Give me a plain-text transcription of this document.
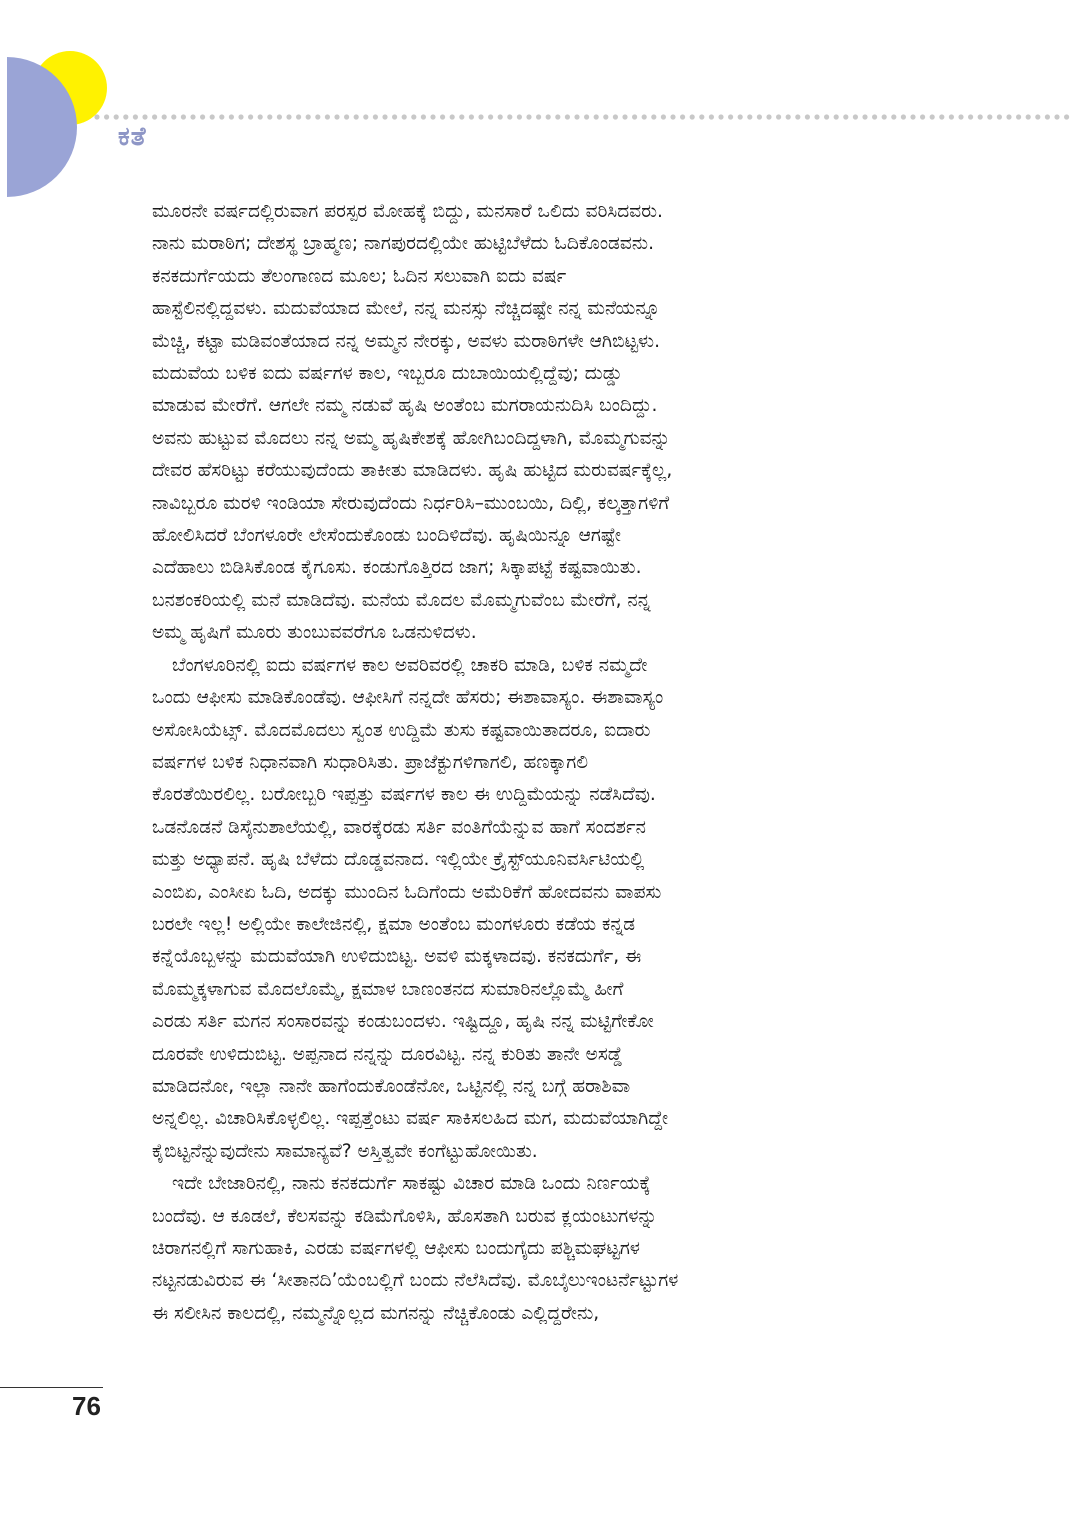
ಕತೆ

ಮೂರನೇ ವರ್ಷದಲ್ಲಿರುವಾಗ ಪರಸ್ಪರ ಮೋಹಕ್ಕೆ ಬಿದ್ದು, ಮನಸಾರೆ ಒಲಿದು ವರಿಸಿದವರು.
ನಾನು ಮರಾಠಿಗ; ದೇಶಸ್ಥ ಬ್ರಾಹ್ಮಣ; ನಾಗಪುರದಲ್ಲಿಯೇ ಹುಟ್ಟಿಬೆಳೆದು ಓದಿಕೊಂಡವನು.
ಕನಕದುರ್ಗೆಯದು ತೆಲಂಗಾಣದ ಮೂಲ; ಓದಿನ ಸಲುವಾಗಿ ಐದು ವರ್ಷ
ಹಾಸ್ಟೆಲಿನಲ್ಲಿದ್ದವಳು. ಮದುವೆಯಾದ ಮೇಲೆ, ನನ್ನ ಮನಸ್ಸು ನೆಚ್ಚಿದಷ್ಟೇ ನನ್ನ ಮನೆಯನ್ನೂ
ಮೆಚ್ಚಿ, ಕಟ್ಟಾ ಮಡಿವಂತೆಯಾದ ನನ್ನ ಅಮ್ಮನ ನೇರಕ್ಕು, ಅವಳು ಮರಾಠಿಗಳೇ ಆಗಿಬಿಟ್ಟಳು.
ಮದುವೆಯ ಬಳಿಕ ಐದು ವರ್ಷಗಳ ಕಾಲ, ಇಬ್ಬರೂ ದುಬಾಯಿಯಲ್ಲಿದ್ದೆವು; ದುಡ್ಡು
ಮಾಡುವ ಮೇರೆಗೆ. ಆಗಲೇ ನಮ್ಮ ನಡುವೆ ಹೃಷಿ ಅಂತೆಂಬ ಮಗರಾಯನುದಿಸಿ ಬಂದಿದ್ದು.
ಅವನು ಹುಟ್ಟುವ ಮೊದಲು ನನ್ನ ಅಮ್ಮ ಹೃಷಿಕೇಶಕ್ಕೆ ಹೋಗಿಬಂದಿದ್ದಳಾಗಿ, ಮೊಮ್ಮಗುವನ್ನು
ದೇವರ ಹೆಸರಿಟ್ಟು ಕರೆಯುವುದೆಂದು ತಾಕೀತು ಮಾಡಿದಳು. ಹೃಷಿ ಹುಟ್ಟಿದ ಮರುವರ್ಷಕ್ಕೆಲ್ಲ,
ನಾವಿಬ್ಬರೂ ಮರಳಿ ಇಂಡಿಯಾ ಸೇರುವುದೆಂದು ನಿರ್ಧರಿಸಿ–ಮುಂಬಯಿ, ದಿಲ್ಲಿ, ಕಲ್ಕತ್ತಾಗಳಿಗೆ
ಹೋಲಿಸಿದರೆ ಬೆಂಗಳೂರೇ ಲೇಸೆಂದುಕೊಂಡು ಬಂದಿಳಿದೆವು. ಹೃಷಿಯಿನ್ನೂ ಆಗಷ್ಟೇ
ಎದೆಹಾಲು ಬಿಡಿಸಿಕೊಂಡ ಕೈಗೂಸು. ಕಂಡುಗೊತ್ತಿರದ ಜಾಗ; ಸಿಕ್ಕಾಪಟ್ಟೆ ಕಷ್ಟವಾಯಿತು.
ಬನಶಂಕರಿಯಲ್ಲಿ ಮನೆ ಮಾಡಿದೆವು. ಮನೆಯ ಮೊದಲ ಮೊಮ್ಮಗುವೆಂಬ ಮೇರೆಗೆ, ನನ್ನ
ಅಮ್ಮ ಹೃಷಿಗೆ ಮೂರು ತುಂಬುವವರೆಗೂ ಒಡನುಳಿದಳು.

ಬೆಂಗಳೂರಿನಲ್ಲಿ ಐದು ವರ್ಷಗಳ ಕಾಲ ಅವರಿವರಲ್ಲಿ ಚಾಕರಿ ಮಾಡಿ, ಬಳಿಕ ನಮ್ಮದೇ
ಒಂದು ಆಫೀಸು ಮಾಡಿಕೊಂಡೆವು. ಆಫೀಸಿಗೆ ನನ್ನದೇ ಹೆಸರು; ಈಶಾವಾಸ್ಯಂ. ಈಶಾವಾಸ್ಯಂ
ಅಸೋಸಿಯೆಟ್ಸ್. ಮೊದಮೊದಲು ಸ್ವಂತ ಉದ್ದಿಮೆ ತುಸು ಕಷ್ಟವಾಯಿತಾದರೂ, ಐದಾರು
ವರ್ಷಗಳ ಬಳಿಕ ನಿಧಾನವಾಗಿ ಸುಧಾರಿಸಿತು. ಪ್ರಾಜೆಕ್ಟುಗಳಿಗಾಗಲಿ, ಹಣಕ್ಕಾಗಲಿ
ಕೊರತೆಯಿರಲಿಲ್ಲ. ಬರೋಬ್ಬರಿ ಇಪ್ಪತ್ತು ವರ್ಷಗಳ ಕಾಲ ಈ ಉದ್ದಿಮೆಯನ್ನು ನಡೆಸಿದೆವು.
ಒಡನೊಡನೆ ಡಿಸೈನುಶಾಲೆಯಲ್ಲಿ, ವಾರಕ್ಕೆರಡು ಸರ್ತಿ ವಂತಿಗೆಯೆನ್ನುವ ಹಾಗೆ ಸಂದರ್ಶನ
ಮತ್ತು ಅಧ್ಯಾಪನೆ. ಹೃಷಿ ಬೆಳೆದು ದೊಡ್ಡವನಾದ. ಇಲ್ಲಿಯೇ ಕ್ರೈಸ್ಟ್‌ಯೂನಿವರ್ಸಿಟಿಯಲ್ಲಿ
ಎಂಬಿಏ, ಎಂಸೀಏ ಓದಿ, ಅದಕ್ಕು ಮುಂದಿನ ಓದಿಗೆಂದು ಅಮೆರಿಕೆಗೆ ಹೋದವನು ವಾಪಸು
ಬರಲೇ ಇಲ್ಲ! ಅಲ್ಲಿಯೇ ಕಾಲೇಜಿನಲ್ಲಿ, ಕ್ಷಮಾ ಅಂತೆಂಬ ಮಂಗಳೂರು ಕಡೆಯ ಕನ್ನಡ
ಕನ್ನೆಯೊಬ್ಬಳನ್ನು ಮದುವೆಯಾಗಿ ಉಳಿದುಬಿಟ್ಟ. ಅವಳಿ ಮಕ್ಕಳಾದವು. ಕನಕದುರ್ಗೆ, ಈ
ಮೊಮ್ಮಕ್ಕಳಾಗುವ ಮೊದಲೊಮ್ಮೆ, ಕ್ಷಮಾಳ ಬಾಣಂತನದ ಸುಮಾರಿನಲ್ಲೊಮ್ಮೆ ಹೀಗೆ
ಎರಡು ಸರ್ತಿ ಮಗನ ಸಂಸಾರವನ್ನು ಕಂಡುಬಂದಳು. ಇಷ್ಟಿದ್ದೂ, ಹೃಷಿ ನನ್ನ ಮಟ್ಟಿಗೇಕೋ
ದೂರವೇ ಉಳಿದುಬಿಟ್ಟ. ಅಪ್ಪನಾದ ನನ್ನನ್ನು ದೂರವಿಟ್ಟ. ನನ್ನ ಕುರಿತು ತಾನೇ ಅಸಡ್ಡೆ
ಮಾಡಿದನೋ, ಇಲ್ಲಾ ನಾನೇ ಹಾಗೆಂದುಕೊಂಡೆನೋ, ಒಟ್ಟಿನಲ್ಲಿ ನನ್ನ ಬಗ್ಗೆ ಹರಾಶಿವಾ
ಅನ್ನಲಿಲ್ಲ. ವಿಚಾರಿಸಿಕೊಳ್ಳಲಿಲ್ಲ. ಇಪ್ಪತ್ತೆಂಟು ವರ್ಷ ಸಾಕಿಸಲಹಿದ ಮಗ, ಮದುವೆಯಾಗಿದ್ದೇ
ಕೈಬಿಟ್ಟನೆನ್ನುವುದೇನು ಸಾಮಾನ್ಯವೆ? ಅಸ್ತಿತ್ವವೇ ಕಂಗೆಟ್ಟುಹೋಯಿತು.

ಇದೇ ಬೇಜಾರಿನಲ್ಲಿ, ನಾನು ಕನಕದುರ್ಗೆ ಸಾಕಷ್ಟು ವಿಚಾರ ಮಾಡಿ ಒಂದು ನಿರ್ಣಯಕ್ಕೆ
ಬಂದೆವು. ಆ ಕೂಡಲೆ, ಕೆಲಸವನ್ನು ಕಡಿಮೆಗೊಳಿಸಿ, ಹೊಸತಾಗಿ ಬರುವ ಕ್ಲಯಂಟುಗಳನ್ನು
ಚಿರಾಗನಲ್ಲಿಗೆ ಸಾಗುಹಾಕಿ, ಎರಡು ವರ್ಷಗಳಲ್ಲಿ ಆಫೀಸು ಬಂದುಗೈದು ಪಶ್ಚಿಮಘಟ್ಟಗಳ
ನಟ್ಟನಡುವಿರುವ ಈ ‘ಸೀತಾನದಿ’ಯೆಂಬಲ್ಲಿಗೆ ಬಂದು ನೆಲೆಸಿದೆವು. ಮೊಬೈಲುಇಂಟರ್ನೆಟ್ಟುಗಳ
ಈ ಸಲೀಸಿನ ಕಾಲದಲ್ಲಿ, ನಮ್ಮನ್ನೊಲ್ಲದ ಮಗನನ್ನು ನೆಚ್ಚಿಕೊಂಡು ಎಲ್ಲಿದ್ದರೇನು,

76
